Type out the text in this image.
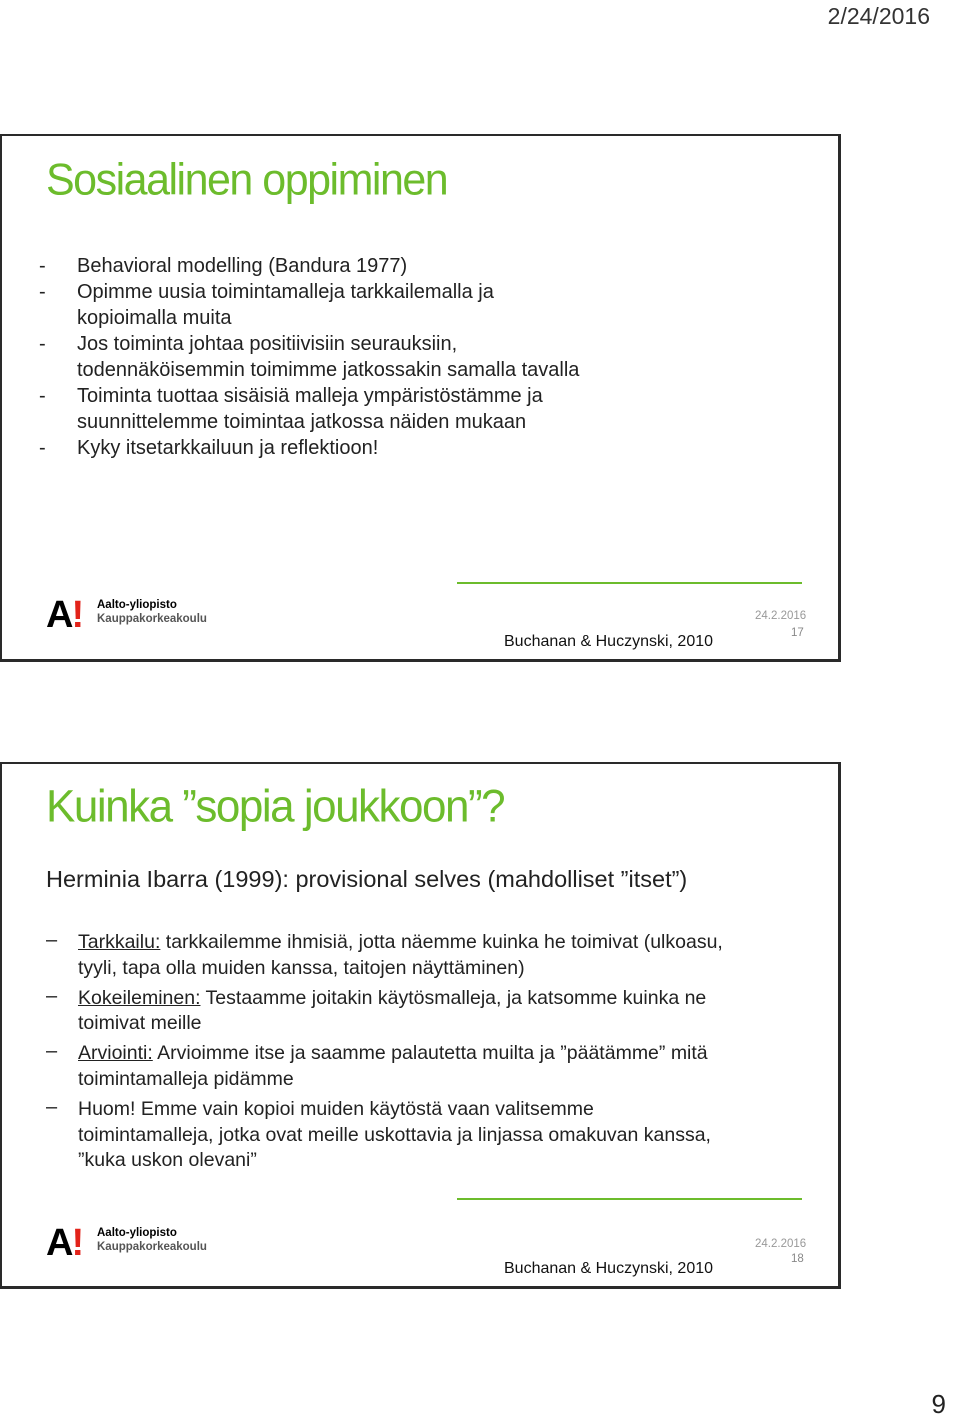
2/24/2016
Sosiaalinen oppiminen
- Behavioral modelling (Bandura 1977)
- Opimme uusia toimintamalleja tarkkailemalla ja kopioimalla muita
- Jos toiminta johtaa positiivisiin seurauksiin, todennäköisemmin toimimme jatkossakin samalla tavalla
- Toiminta tuottaa sisäisiä malleja ympäristöstämme ja suunnittelemme toimintaa jatkossa näiden mukaan
- Kyky itsetarkkailuun ja reflektioon!
A! Aalto-yliopisto
Kauppakorkeakoulu
Buchanan & Huczynski, 2010
24.2.2016
17
Kuinka ”sopia joukkoon”?

Herminia Ibarra (1999): provisional selves (mahdolliset ”itset”)

– Tarkkailu: tarkkailemme ihmisiä, jotta näemme kuinka he toimivat (ulkoasu, tyyli, tapa olla muiden kanssa, taitojen näyttäminen)
– Kokeileminen: Testaamme joitakin käytösmalleja, ja katsomme kuinka ne toimivat meille
– Arviointi: Arvioimme itse ja saamme palautetta muilta ja ”päätämme” mitä toimintamalleja pidämme
– Huom! Emme vain kopioi muiden käytöstä vaan valitsemme toimintamalleja, jotka ovat meille uskottavia ja linjassa omakuvan kanssa, ”kuka uskon olevani”
A! Aalto-yliopisto
Kauppakorkeakoulu
Buchanan & Huczynski, 2010
24.2.2016
18
9
